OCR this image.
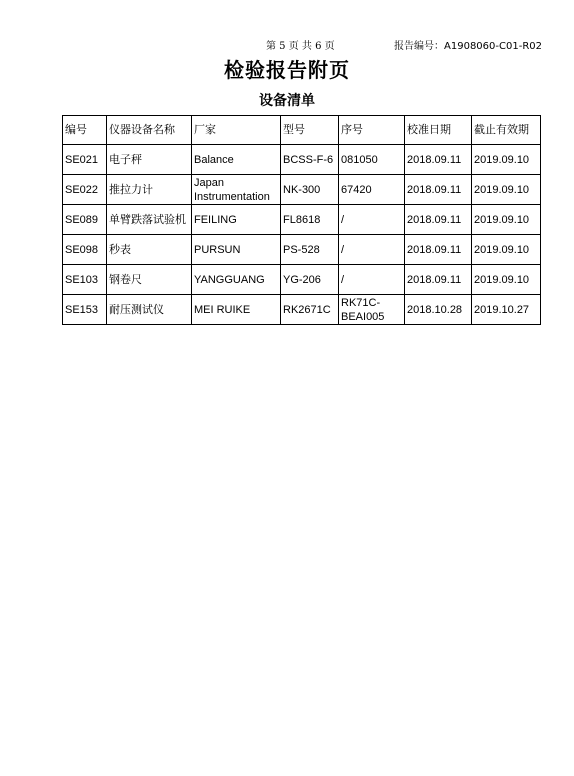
第 5 页 共 6 页	报告编号：A1908060-C01-R02
检验报告附页
设备清单
编号	仪器设备名称	厂家	型号	序号	校准日期	截止有效期
SE021	电子秤	Balance	BCSS-F-6	081050	2018.09.11	2019.09.10
SE022	推拉力计	Japan Instrumentation	NK-300	67420	2018.09.11	2019.09.10
SE089	单臂跌落试验机	FEILING	FL8618	/	2018.09.11	2019.09.10
SE098	秒表	PURSUN	PS-528	/	2018.09.11	2019.09.10
SE103	钢卷尺	YANGGUANG	YG-206	/	2018.09.11	2019.09.10
SE153	耐压测试仪	MEI RUIKE	RK2671C	RK71C-BEAI005	2018.10.28	2019.10.27
